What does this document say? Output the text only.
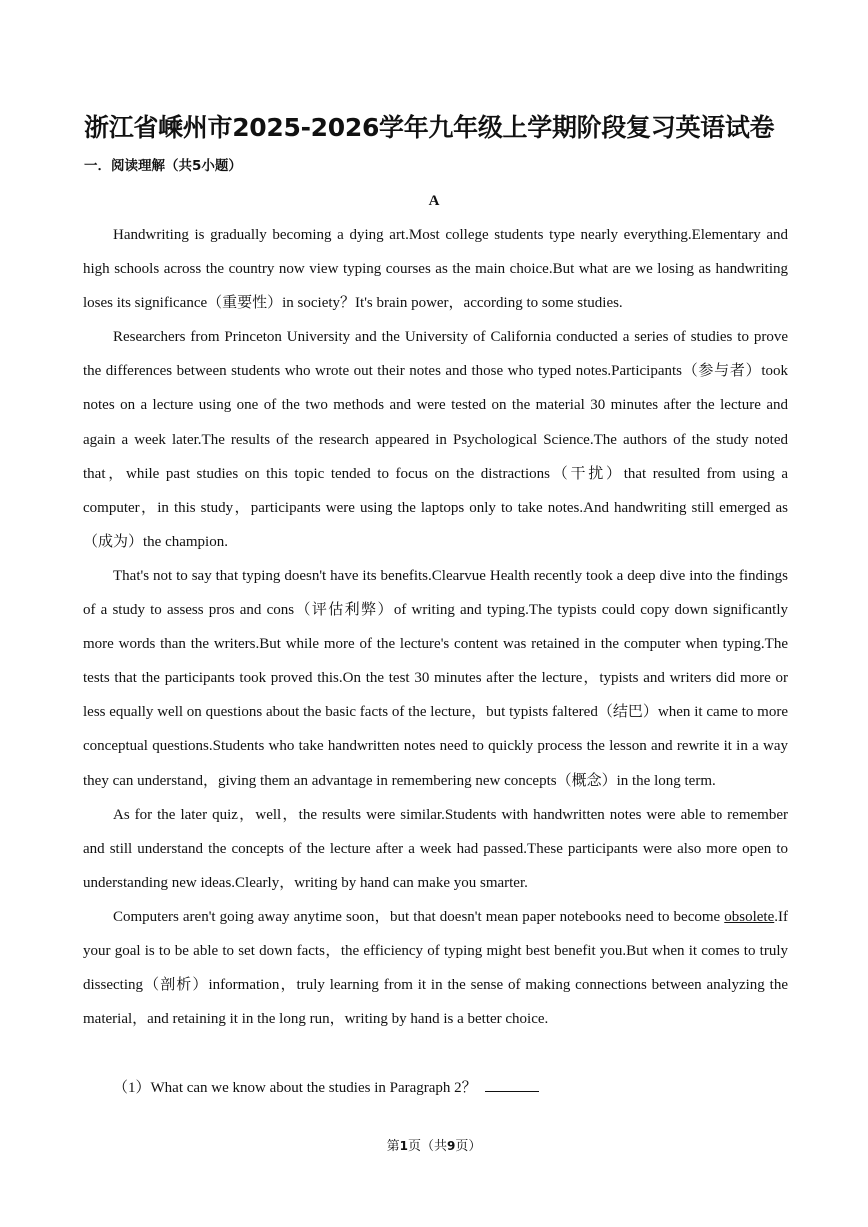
浙江省嵊州市2025-2026学年九年级上学期阶段复习英语试卷
一．阅读理解（共5小题）
A

Handwriting is gradually becoming a dying art.Most college students type nearly everything.Elementary and high schools across the country now view typing courses as the main choice.But what are we losing as handwriting loses its significance（重要性）in society？It's brain power，according to some studies.

Researchers from Princeton University and the University of California conducted a series of studies to prove the differences between students who wrote out their notes and those who typed notes.Participants（参与者）took notes on a lecture using one of the two methods and were tested on the material 30 minutes after the lecture and again a week later.The results of the research appeared in Psychological Science.The authors of the study noted that，while past studies on this topic tended to focus on the distractions（干扰）that resulted from using a computer，in this study，participants were using the laptops only to take notes.And handwriting still emerged as（成为）the champion.

That's not to say that typing doesn't have its benefits.Clearvue Health recently took a deep dive into the findings of a study to assess pros and cons（评估利弊）of writing and typing.The typists could copy down significantly more words than the writers.But while more of the lecture's content was retained in the computer when typing.The tests that the participants took proved this.On the test 30 minutes after the lecture，typists and writers did more or less equally well on questions about the basic facts of the lecture，but typists faltered（结巴）when it came to more conceptual questions.Students who take handwritten notes need to quickly process the lesson and rewrite it in a way they can understand，giving them an advantage in remembering new concepts（概念）in the long term.

As for the later quiz，well，the results were similar.Students with handwritten notes were able to remember and still understand the concepts of the lecture after a week had passed.These participants were also more open to understanding new ideas.Clearly，writing by hand can make you smarter.

Computers aren't going away anytime soon，but that doesn't mean paper notebooks need to become obsolete.If your goal is to be able to set down facts，the efficiency of typing might best benefit you.But when it comes to truly dissecting（剖析）information，truly learning from it in the sense of making connections between analyzing the material，and retaining it in the long run，writing by hand is a better choice.

（1）What can we know about the studies in Paragraph 2？
第1页（共9页）
